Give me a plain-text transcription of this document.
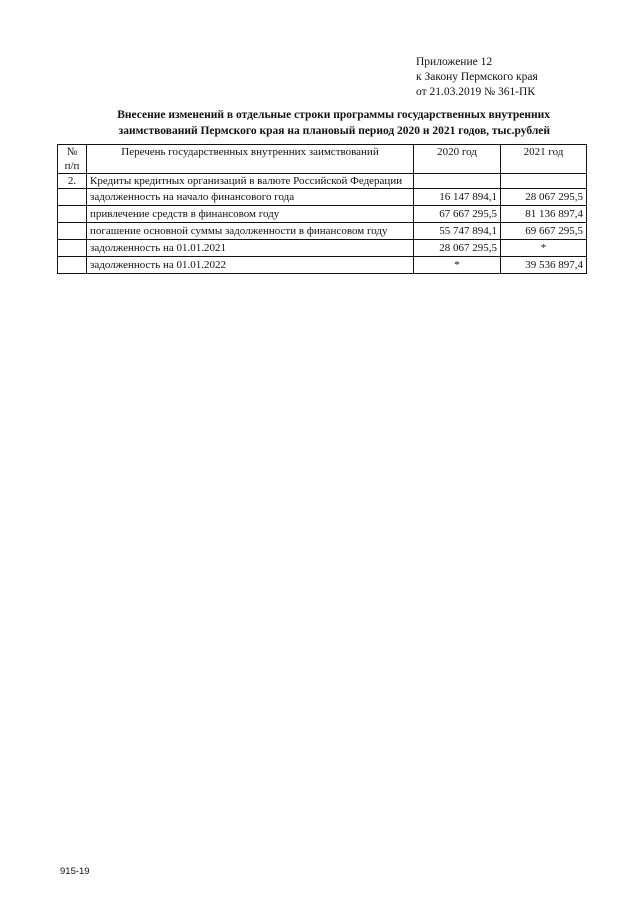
Приложение 12
к Закону Пермского края
от 21.03.2019 № 361-ПК
Внесение изменений в отдельные строки программы государственных внутренних
заимствований Пермского края на плановый период 2020 и 2021 годов, тыс.рублей
№
п/п	Перечень государственных внутренних заимствований	2020 год	2021 год
2.	Кредиты кредитных организаций в валюте Российской Федерации		
	задолженность на начало финансового года	16 147 894,1	28 067 295,5
	привлечение средств в финансовом году	67 667 295,5	81 136 897,4
	погашение основной суммы задолженности в финансовом году	55 747 894,1	69 667 295,5
	задолженность на 01.01.2021	28 067 295,5	*
	задолженность на 01.01.2022	*	39 536 897,4
915-19
